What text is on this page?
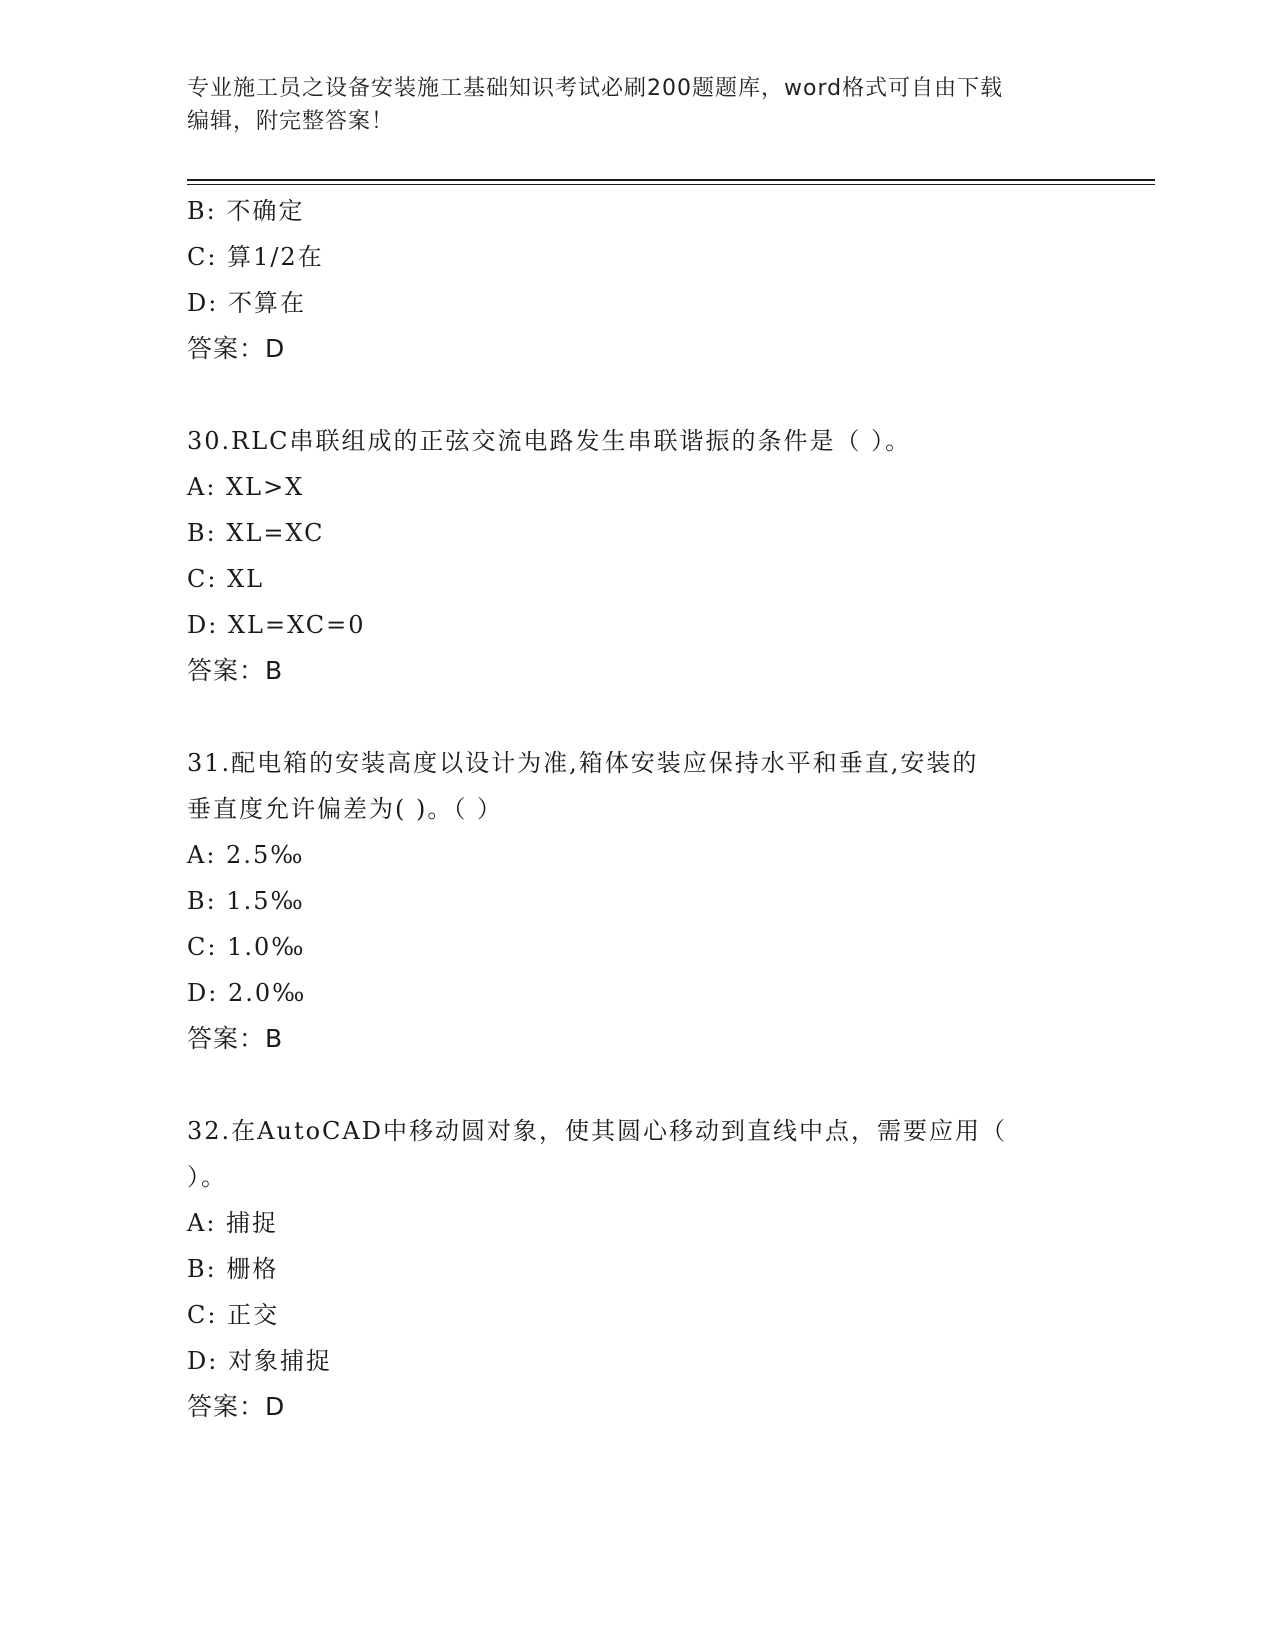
专业施工员之设备安装施工基础知识考试必刷200题题库，word格式可自由下载
编辑，附完整答案！
B: 不确定
C: 算1/2在
D: 不算在
答案：D
30.RLC串联组成的正弦交流电路发生串联谐振的条件是（ ）。
A: XL>X
B: XL=XC
C: XL
D: XL=XC=0
答案：B
31.配电箱的安装高度以设计为准,箱体安装应保持水平和垂直,安装的
垂直度允许偏差为( )。（ ）
A: 2.5‰
B: 1.5‰
C: 1.0‰
D: 2.0‰
答案：B
32.在AutoCAD中移动圆对象，使其圆心移动到直线中点，需要应用（
）。
A: 捕捉
B: 栅格
C: 正交
D: 对象捕捉
答案：D
